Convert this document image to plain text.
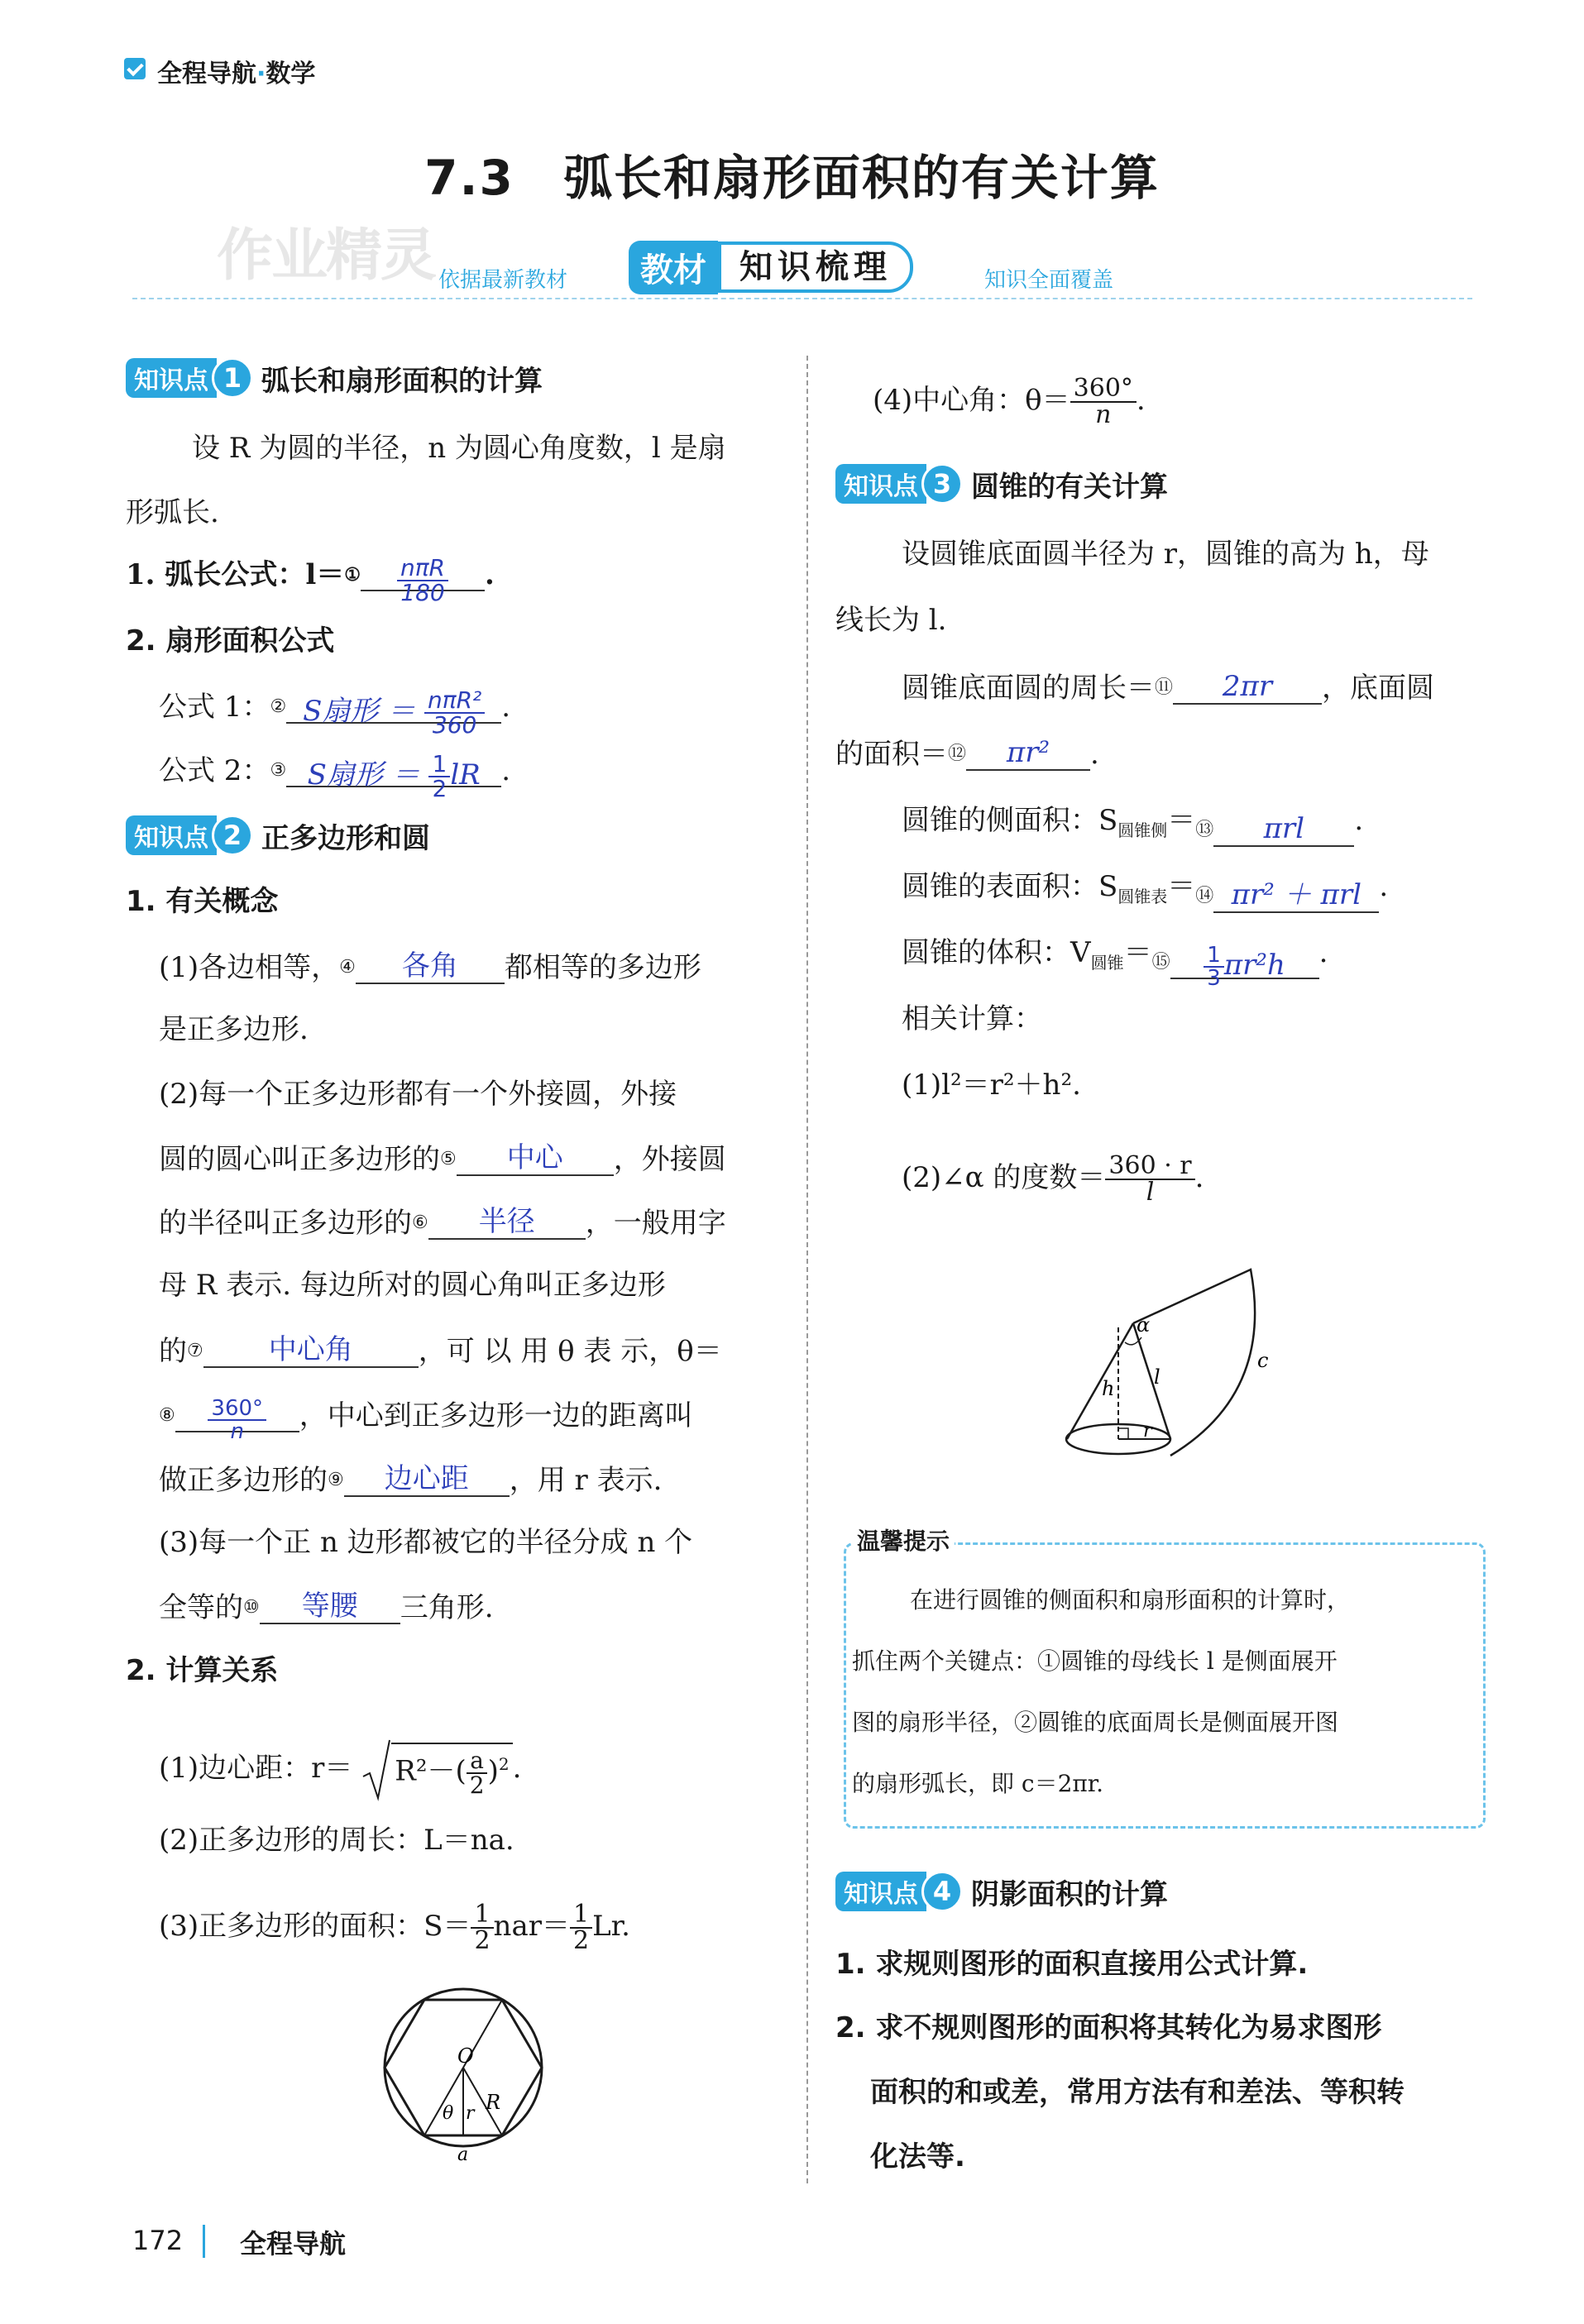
全程导航·数学
7.3　弧长和扇形面积的有关计算
作业精灵 依据最新教材	教材	知识梳理	知识全面覆盖
知识点 1 弧长和扇形面积的计算
设 R 为圆的半径，n 为圆心角度数，l 是扇
形弧长.
1. 弧长公式：l＝① $\frac{\text{nπR}}{180}$ .
2. 扇形面积公式
公式 1：② S扇形 ＝ $\frac{\text{nπR²}}{360}$ .
公式 2：③ S扇形 ＝ $\frac{1}{2}$ lR .
知识点 2 正多边形和圆
1. 有关概念
(1)各边相等，④ 各角 都相等的多边形
是正多边形.
(2)每一个正多边形都有一个外接圆，外接
圆的圆心叫正多边形的⑤ 中心 ，外接圆
的半径叫正多边形的⑥ 半径 ，一般用字
母 R 表示. 每边所对的圆心角叫正多边形
的⑦ 中心角 ，可 以 用 θ 表 示，θ＝
⑧ $\frac{360^\circ}{n}$ ，中心到正多边形一边的距离叫
做正多边形的⑨ 边心距 ，用 r 表示.
(3)每一个正 n 边形都被它的半径分成 n 个
全等的⑩ 等腰 三角形.
2. 计算关系
(1)边心距：$r= R^2-( \frac{a}{2} )^2$ .
(2)正多边形的周长：L＝na.
(3)正多边形的面积：$S= \frac{1}{2} nar= \frac{1}{2} Lr$.
O
R
θ r
a
(4)中心角：$\theta= \frac{360^\circ}{n}$ .
知识点 3 圆锥的有关计算
设圆锥底面圆半径为 r，圆锥的高为 h，母
线长为 l.
圆锥底面圆的周长＝⑪ 2πr ，底面圆
的面积＝⑫ πr² .
圆锥的侧面积：$S_{圆锥侧}=⑬$ πrl .
圆锥的表面积：$S_{圆锥表}=⑭$ πr² ＋ πrl .
圆锥的体积：$V_{圆锥}=⑮ \frac{1}{3} \pi r^2h$ .
相关计算：
(1)l²＝r²＋h².
(2)∠α 的度数＝ $\frac{360 \cdot r}{l}$ .
α
h l
r
c
温馨提示
在进行圆锥的侧面积和扇形面积的计算时，
抓住两个关键点：①圆锥的母线长 l 是侧面展开
图的扇形半径，②圆锥的底面周长是侧面展开图
的扇形弧长，即 c＝2πr.
知识点 4 阴影面积的计算
1. 求规则图形的面积直接用公式计算.
2. 求不规则图形的面积将其转化为易求图形
面积的和或差，常用方法有和差法、等积转
化法等.
172 全程导航
